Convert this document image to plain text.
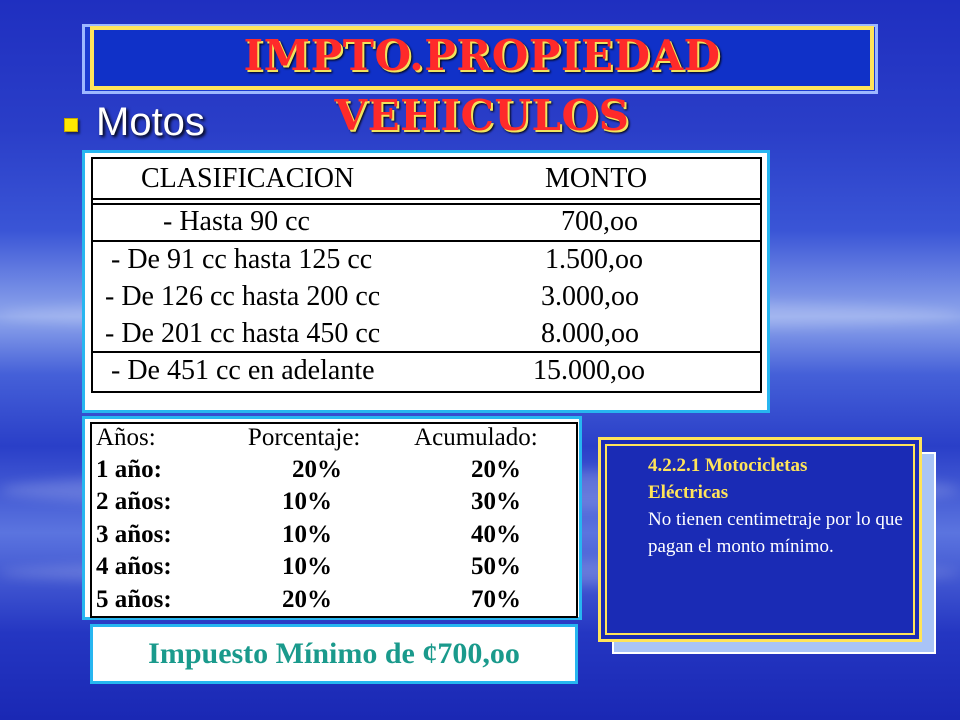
IMPTO.PROPIEDAD VEHICULOS
Motos
CLASIFICACION	MONTO
- Hasta 90 cc	700,oo
- De 91 cc hasta 125 cc	1.500,oo
- De 126 cc hasta 200 cc	3.000,oo
- De 201 cc hasta 450 cc	8.000,oo
- De 451 cc en adelante	15.000,oo
Años:	Porcentaje:	Acumulado:
1 año:	20%	20%
2 años:	10%	30%
3 años:	10%	40%
4 años:	10%	50%
5 años:	20%	70%
Impuesto Mínimo de ¢700,oo
4.2.2.1 Motocicletas
Eléctricas
No tienen centimetraje por lo que pagan el monto mínimo.
